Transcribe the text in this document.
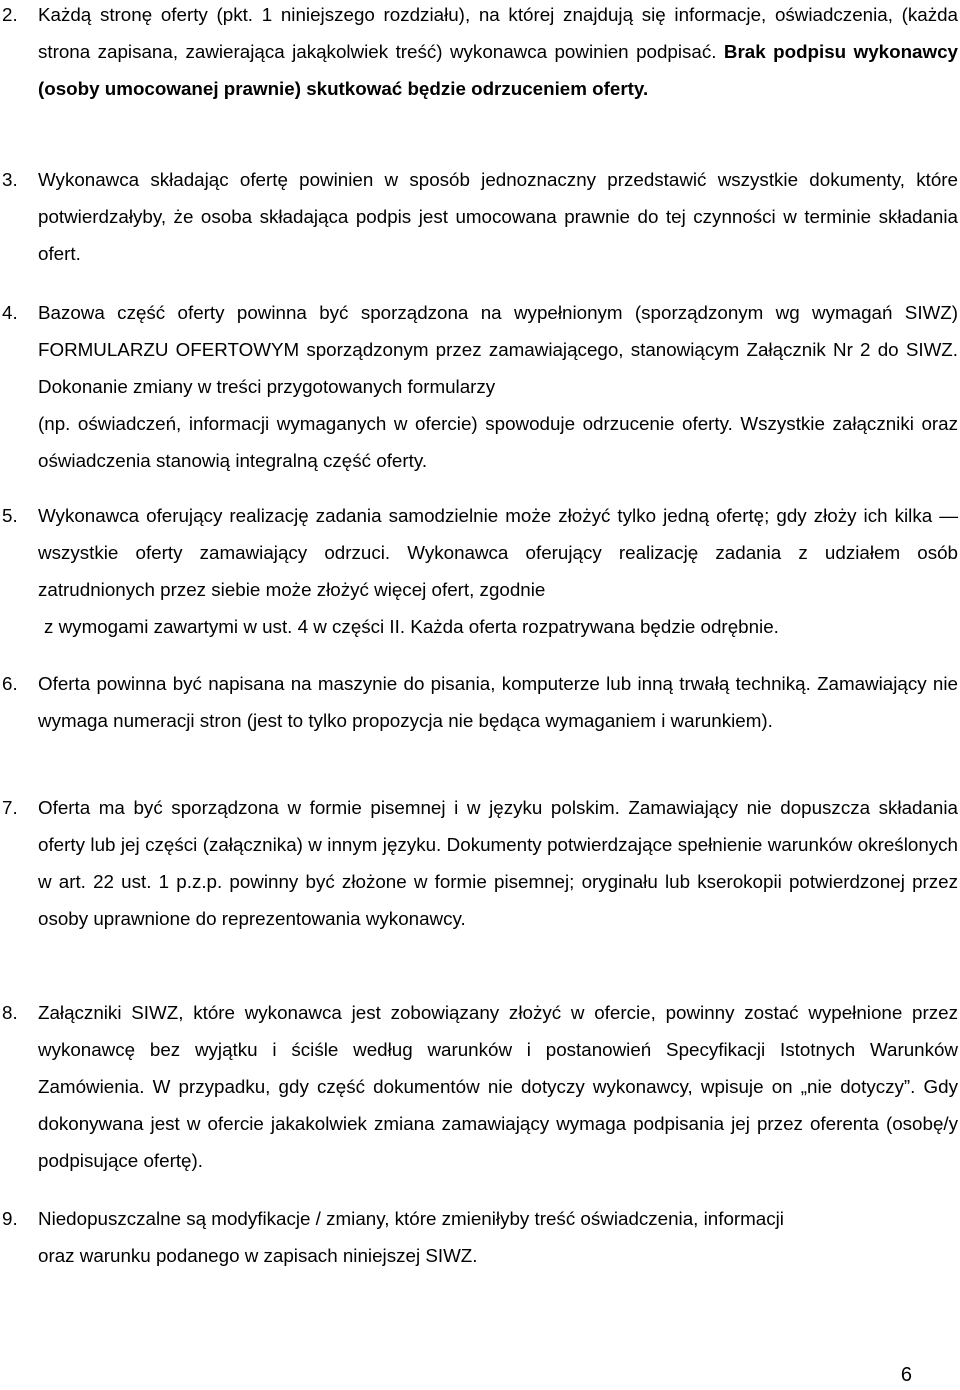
2.	Każdą stronę oferty (pkt. 1 niniejszego rozdziału), na której znajdują się informacje, oświadczenia, (każda strona zapisana, zawierająca jakąkolwiek treść) wykonawca powinien podpisać. Brak podpisu wykonawcy (osoby umocowanej prawnie) skutkować będzie odrzuceniem oferty.
3.	Wykonawca składając ofertę powinien w sposób jednoznaczny przedstawić wszystkie dokumenty, które potwierdzałyby, że osoba składająca podpis jest umocowana prawnie do tej czynności w terminie składania ofert.
4.	Bazowa część oferty powinna być sporządzona na wypełnionym (sporządzonym wg wymagań SIWZ) FORMULARZU OFERTOWYM sporządzonym przez zamawiającego, stanowiącym Załącznik Nr 2 do SIWZ. Dokonanie zmiany w treści przygotowanych formularzy
(np. oświadczeń, informacji wymaganych w ofercie) spowoduje odrzucenie oferty. Wszystkie załączniki oraz oświadczenia stanowią integralną część oferty.
5.	Wykonawca oferujący realizację zadania samodzielnie może złożyć tylko jedną ofertę; gdy złoży ich kilka — wszystkie oferty zamawiający odrzuci. Wykonawca oferujący realizację zadania z udziałem osób zatrudnionych przez siebie może złożyć więcej ofert, zgodnie
z wymogami zawartymi w ust. 4 w części II. Każda oferta rozpatrywana będzie odrębnie.
6.	Oferta powinna być napisana na maszynie do pisania, komputerze lub inną trwałą techniką. Zamawiający nie wymaga numeracji stron (jest to tylko propozycja nie będąca wymaganiem i warunkiem).
7.	Oferta ma być sporządzona w formie pisemnej i w języku polskim. Zamawiający nie dopuszcza składania oferty lub jej części (załącznika) w innym języku. Dokumenty potwierdzające spełnienie warunków określonych w art. 22 ust. 1 p.z.p. powinny być złożone w formie pisemnej; oryginału lub kserokopii potwierdzonej przez osoby uprawnione do reprezentowania wykonawcy.
8.	Załączniki SIWZ, które wykonawca jest zobowiązany złożyć w ofercie, powinny zostać wypełnione przez wykonawcę bez wyjątku i ściśle według warunków i postanowień Specyfikacji Istotnych Warunków Zamówienia. W przypadku, gdy część dokumentów nie dotyczy wykonawcy, wpisuje on „nie dotyczy”. Gdy dokonywana jest w ofercie jakakolwiek zmiana zamawiający wymaga podpisania jej przez oferenta (osobę/y podpisujące ofertę).
9.	Niedopuszczalne są modyfikacje / zmiany, które zmieniłyby treść oświadczenia, informacji
oraz warunku podanego w zapisach niniejszej SIWZ.
6
